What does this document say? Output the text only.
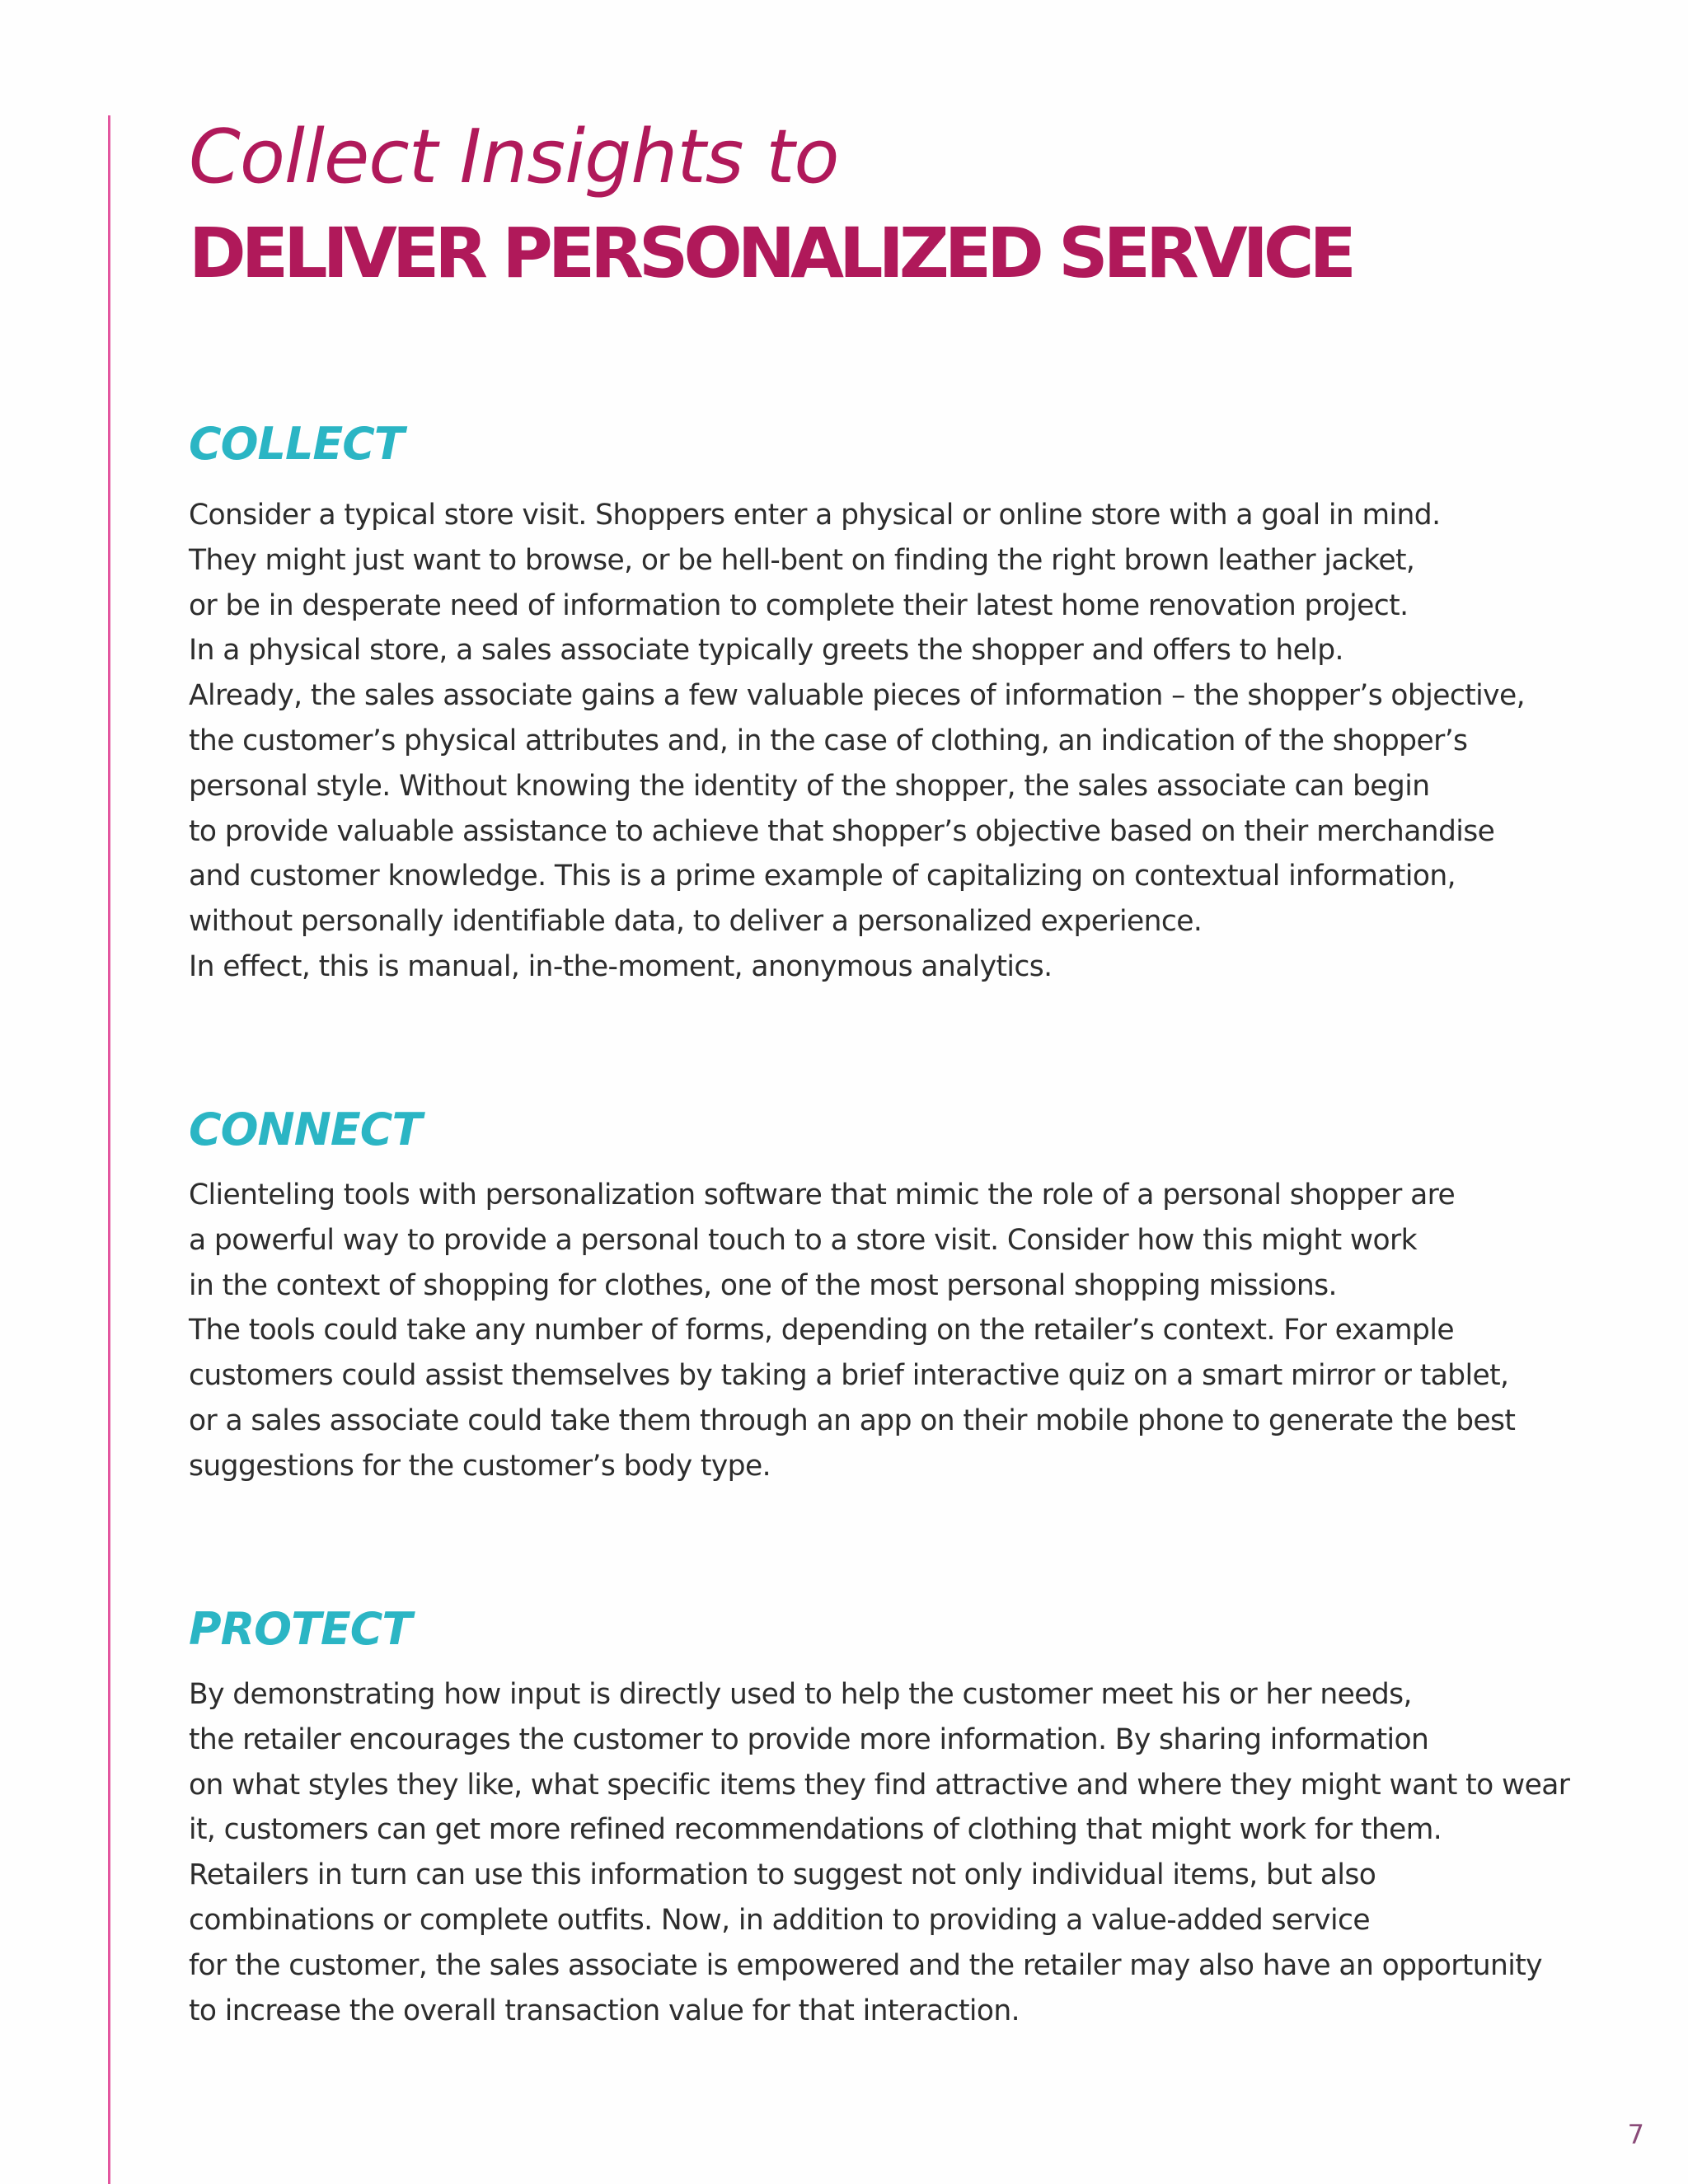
Collect Insights to
DELIVER PERSONALIZED SERVICE
COLLECT

Consider a typical store visit. Shoppers enter a physical or online store with a goal in mind.
They might just want to browse, or be hell-bent on finding the right brown leather jacket,
or be in desperate need of information to complete their latest home renovation project.
In a physical store, a sales associate typically greets the shopper and offers to help.
Already, the sales associate gains a few valuable pieces of information – the shopper’s objective,
the customer’s physical attributes and, in the case of clothing, an indication of the shopper’s
personal style. Without knowing the identity of the shopper, the sales associate can begin
to provide valuable assistance to achieve that shopper’s objective based on their merchandise
and customer knowledge. This is a prime example of capitalizing on contextual information,
without personally identifiable data, to deliver a personalized experience.
In effect, this is manual, in-the-moment, anonymous analytics.

CONNECT

Clienteling tools with personalization software that mimic the role of a personal shopper are
a powerful way to provide a personal touch to a store visit. Consider how this might work
in the context of shopping for clothes, one of the most personal shopping missions.
The tools could take any number of forms, depending on the retailer’s context. For example
customers could assist themselves by taking a brief interactive quiz on a smart mirror or tablet,
or a sales associate could take them through an app on their mobile phone to generate the best
suggestions for the customer’s body type.

PROTECT

By demonstrating how input is directly used to help the customer meet his or her needs,
the retailer encourages the customer to provide more information. By sharing information
on what styles they like, what specific items they find attractive and where they might want to wear
it, customers can get more refined recommendations of clothing that might work for them.
Retailers in turn can use this information to suggest not only individual items, but also
combinations or complete outfits. Now, in addition to providing a value-added service
for the customer, the sales associate is empowered and the retailer may also have an opportunity
to increase the overall transaction value for that interaction.

7
